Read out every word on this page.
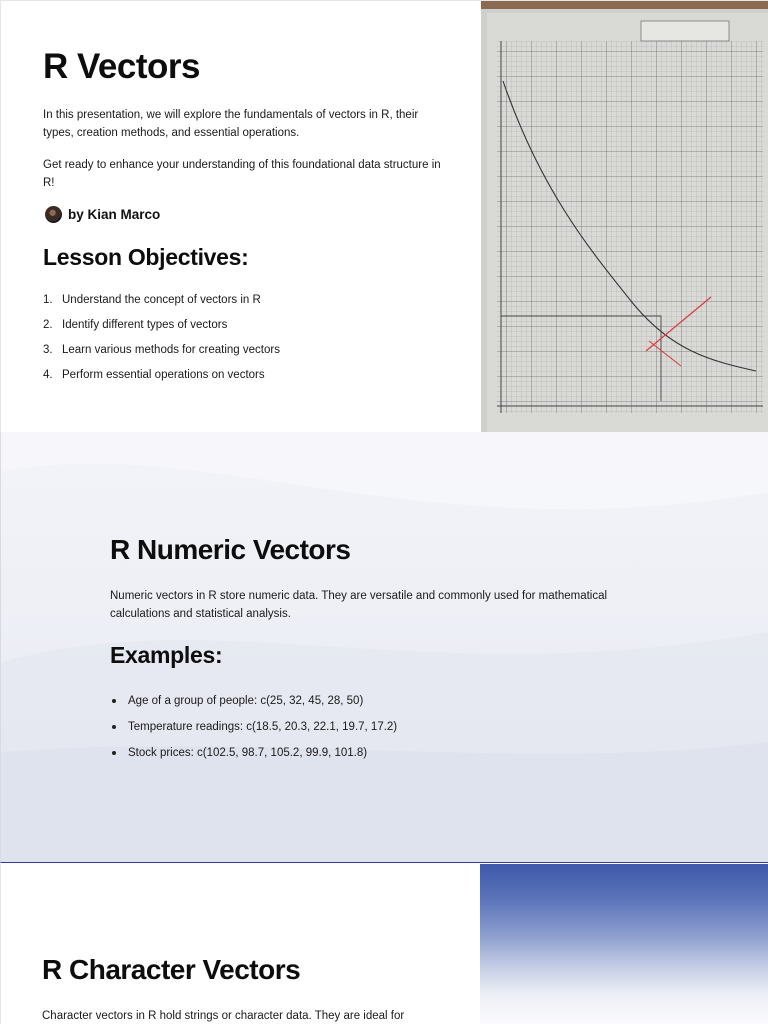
R Vectors

In this presentation, we will explore the fundamentals of vectors in R, their types, creation methods, and essential operations.

Get ready to enhance your understanding of this foundational data structure in R!

by Kian Marco
Lesson Objectives:
1. Understand the concept of vectors in R
2. Identify different types of vectors
3. Learn various methods for creating vectors
4. Perform essential operations on vectors
R Numeric Vectors

Numeric vectors in R store numeric data. They are versatile and commonly used for mathematical calculations and statistical analysis.

Examples:
Age of a group of people: c(25, 32, 45, 28, 50)
Temperature readings: c(18.5, 20.3, 22.1, 19.7, 17.2)
Stock prices: c(102.5, 98.7, 105.2, 99.9, 101.8)
R Character Vectors

Character vectors in R hold strings or character data. They are ideal for
